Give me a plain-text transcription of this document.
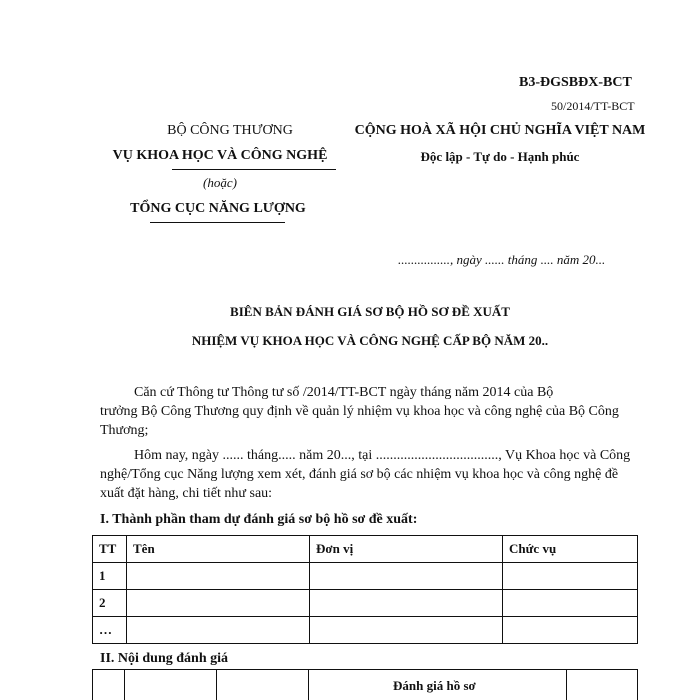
B3-ĐGSBĐX-BCT
50/2014/TT-BCT
BỘ CÔNG THƯƠNG
VỤ KHOA HỌC VÀ CÔNG NGHỆ
(hoặc)
TỔNG CỤC NĂNG LƯỢNG
CỘNG HOÀ XÃ HỘI CHỦ NGHĨA VIỆT NAM
Độc lập - Tự do - Hạnh phúc
................, ngày ...... tháng .... năm 20...
BIÊN BẢN ĐÁNH GIÁ SƠ BỘ HỒ SƠ ĐỀ XUẤT
NHIỆM VỤ KHOA HỌC VÀ CÔNG NGHỆ CẤP BỘ NĂM 20..
Căn cứ Thông tư Thông tư số /2014/TT-BCT ngày tháng năm 2014 của Bộ
trưởng Bộ Công Thương quy định về quản lý nhiệm vụ khoa học và công nghệ của Bộ Công
Thương;
Hôm nay, ngày ...... tháng..... năm 20..., tại ..................................., Vụ Khoa học và Công
nghệ/Tổng cục Năng lượng xem xét, đánh giá sơ bộ các nhiệm vụ khoa học và công nghệ đề
xuất đặt hàng, chi tiết như sau:
I. Thành phần tham dự đánh giá sơ bộ hồ sơ đề xuất:
TT	Tên	Đơn vị	Chức vụ
1			
2			
…			
II. Nội dung đánh giá
Đánh giá hồ sơ
